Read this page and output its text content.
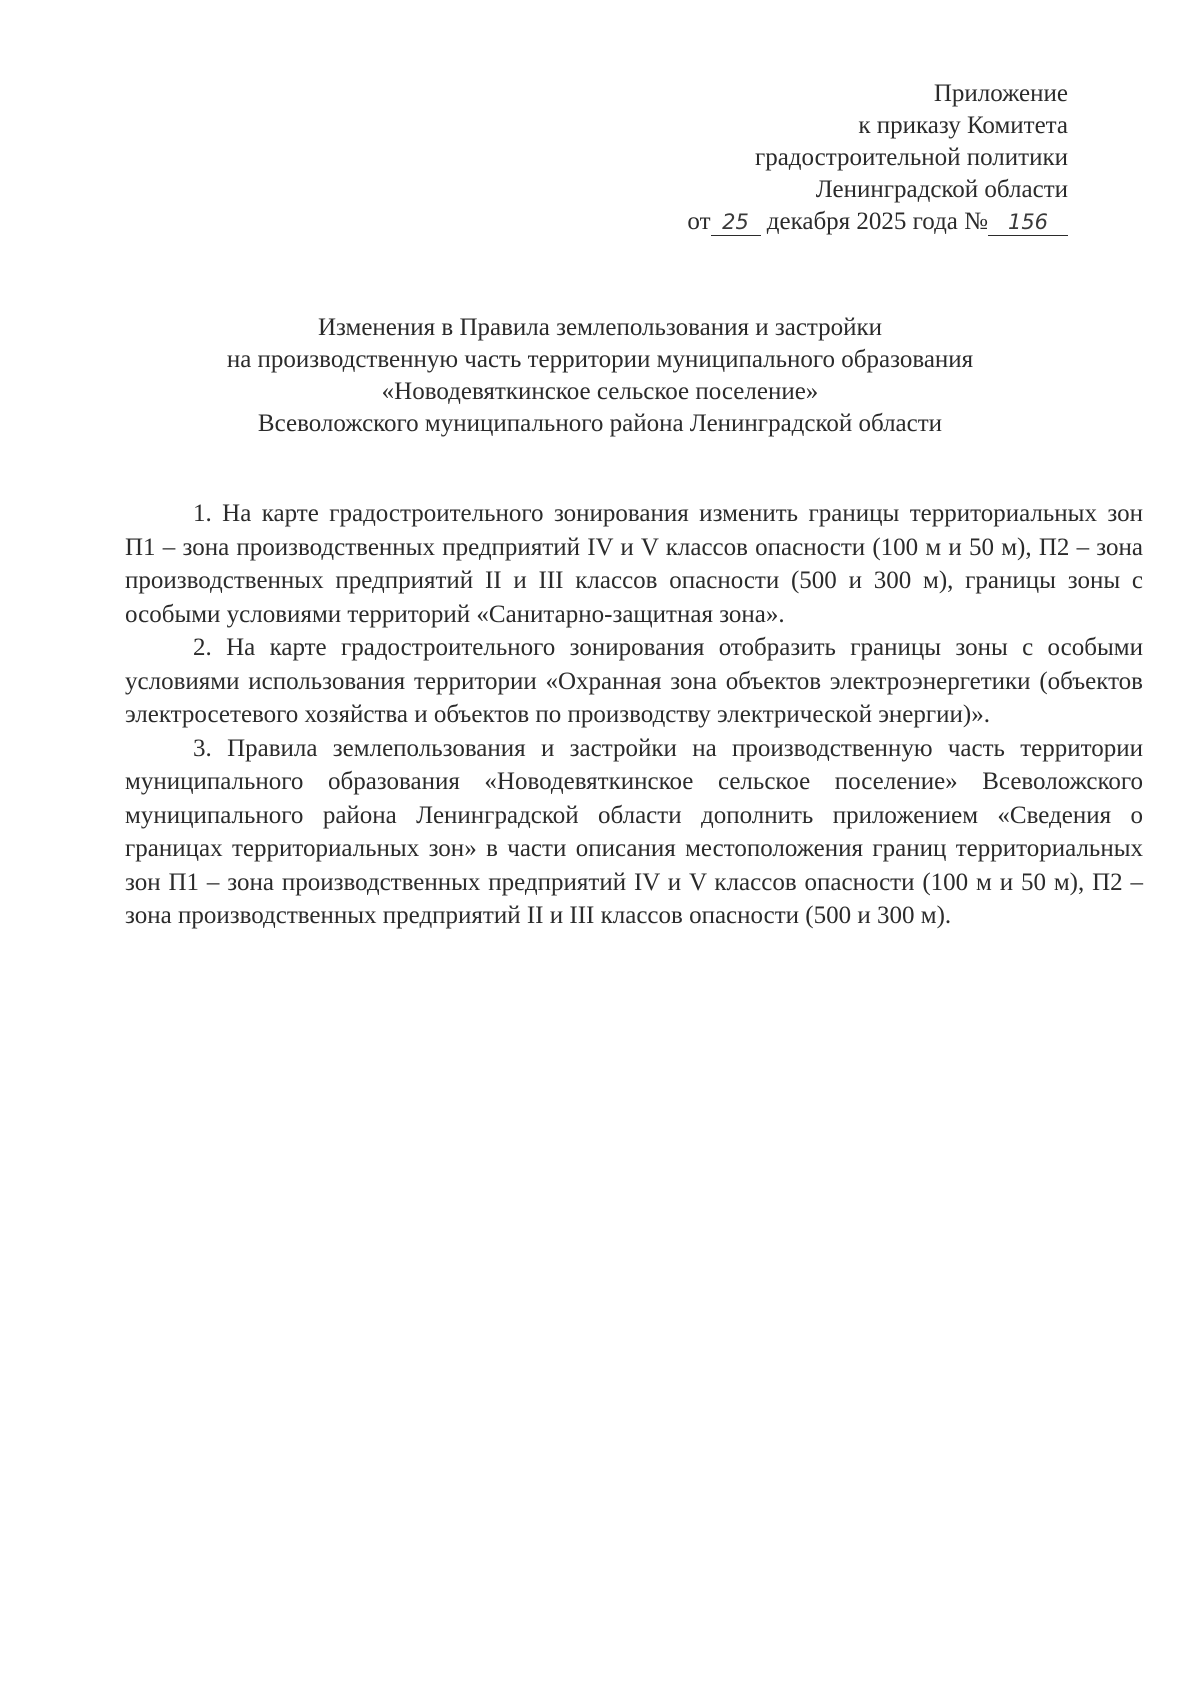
Приложение
к приказу Комитета
градостроительной политики
Ленинградской области
от 25 декабря 2025 года № 156
Изменения в Правила землепользования и застройки
на производственную часть территории муниципального образования
«Новодевяткинское сельское поселение»
Всеволожского муниципального района Ленинградской области

1. На карте градостроительного зонирования изменить границы территориальных зон П1 – зона производственных предприятий IV и V классов опасности (100 м и 50 м), П2 – зона производственных предприятий II и III классов опасности (500 и 300 м), границы зоны с особыми условиями территорий «Санитарно-защитная зона».

2. На карте градостроительного зонирования отобразить границы зоны с особыми условиями использования территории «Охранная зона объектов электроэнергетики (объектов электросетевого хозяйства и объектов по производству электрической энергии)».

3. Правила землепользования и застройки на производственную часть территории муниципального образования «Новодевяткинское сельское поселение» Всеволожского муниципального района Ленинградской области дополнить приложением «Сведения о границах территориальных зон» в части описания местоположения границ территориальных зон П1 – зона производственных предприятий IV и V классов опасности (100 м и 50 м), П2 – зона производственных предприятий II и III классов опасности (500 и 300 м).
